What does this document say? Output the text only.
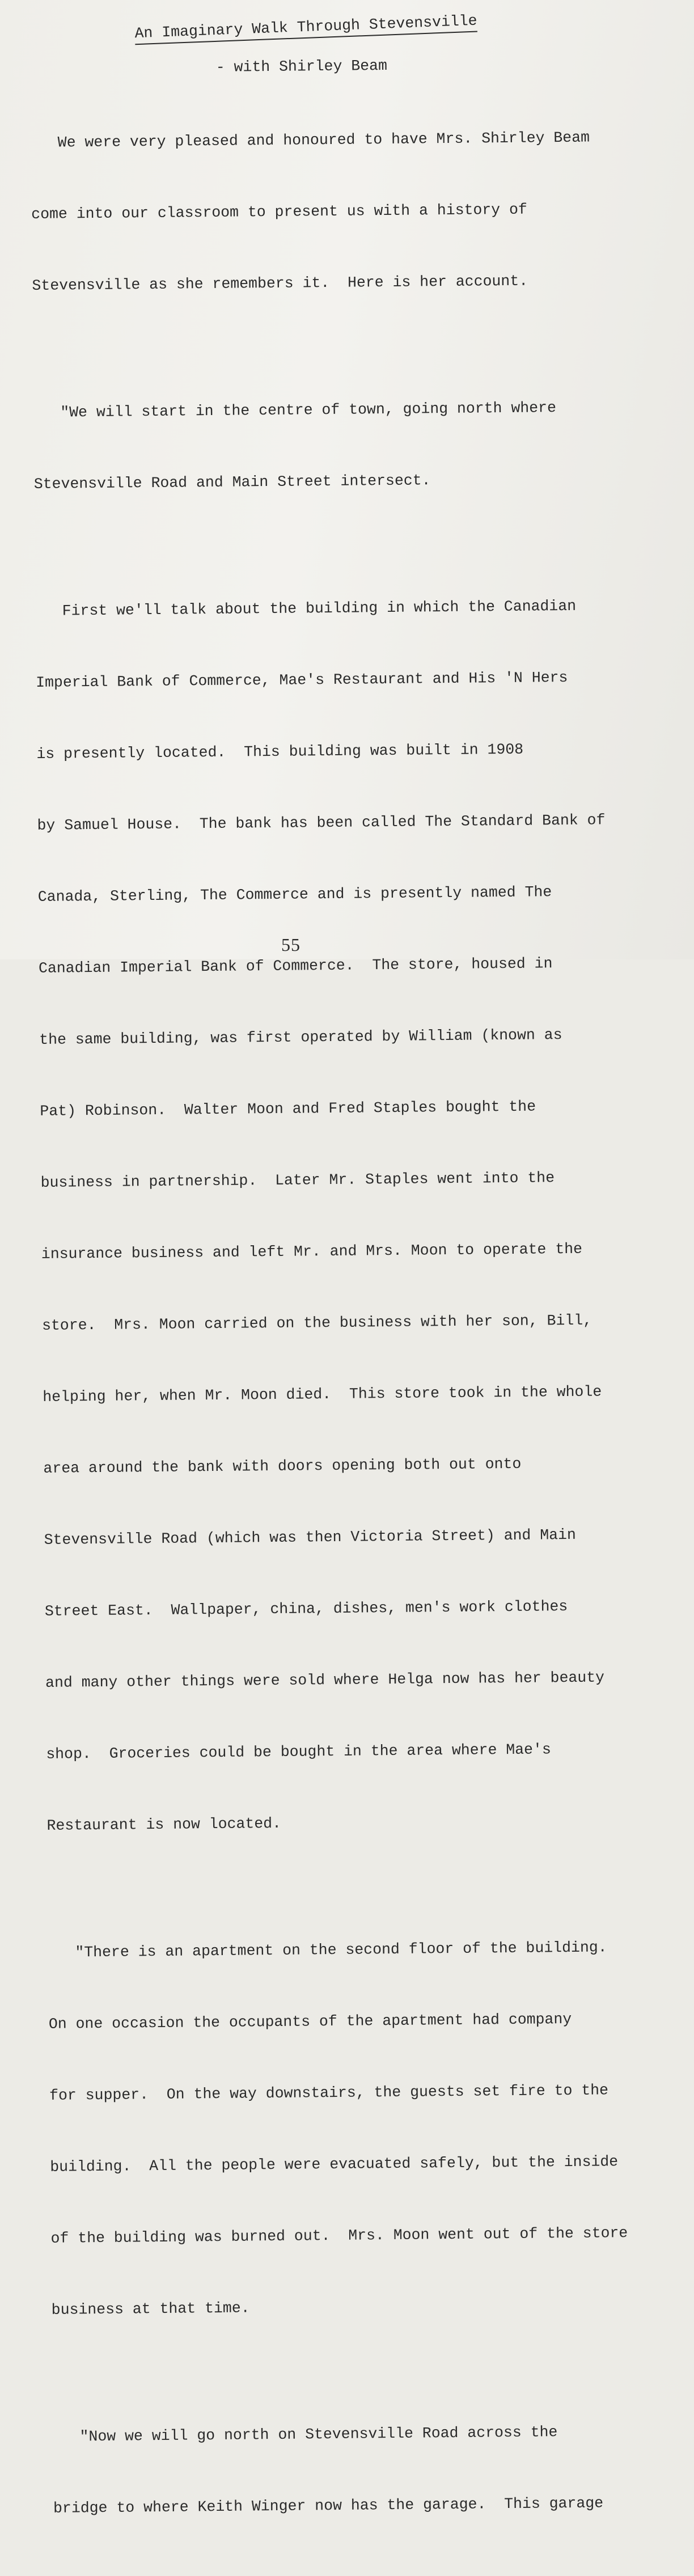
An Imaginary Walk Through Stevensville
- with Shirley Beam

We were very pleased and honoured to have Mrs. Shirley Beam

come into our classroom to present us with a history of

Stevensville as she remembers it.  Here is her account.

"We will start in the centre of town, going north where

Stevensville Road and Main Street intersect.

First we'll talk about the building in which the Canadian

Imperial Bank of Commerce, Mae's Restaurant and His 'N Hers

is presently located.  This building was built in 1908

by Samuel House.  The bank has been called The Standard Bank of

Canada, Sterling, The Commerce and is presently named The

Canadian Imperial Bank of Commerce.  The store, housed in

the same building, was first operated by William (known as

Pat) Robinson.  Walter Moon and Fred Staples bought the

business in partnership.  Later Mr. Staples went into the

insurance business and left Mr. and Mrs. Moon to operate the

store.  Mrs. Moon carried on the business with her son, Bill,

helping her, when Mr. Moon died.  This store took in the whole

area around the bank with doors opening both out onto

Stevensville Road (which was then Victoria Street) and Main

Street East.  Wallpaper, china, dishes, men's work clothes

and many other things were sold where Helga now has her beauty

shop.  Groceries could be bought in the area where Mae's

Restaurant is now located.

"There is an apartment on the second floor of the building.

On one occasion the occupants of the apartment had company

for supper.  On the way downstairs, the guests set fire to the

building.  All the people were evacuated safely, but the inside

of the building was burned out.  Mrs. Moon went out of the store

business at that time.

"Now we will go north on Stevensville Road across the

bridge to where Keith Winger now has the garage.  This garage

55
